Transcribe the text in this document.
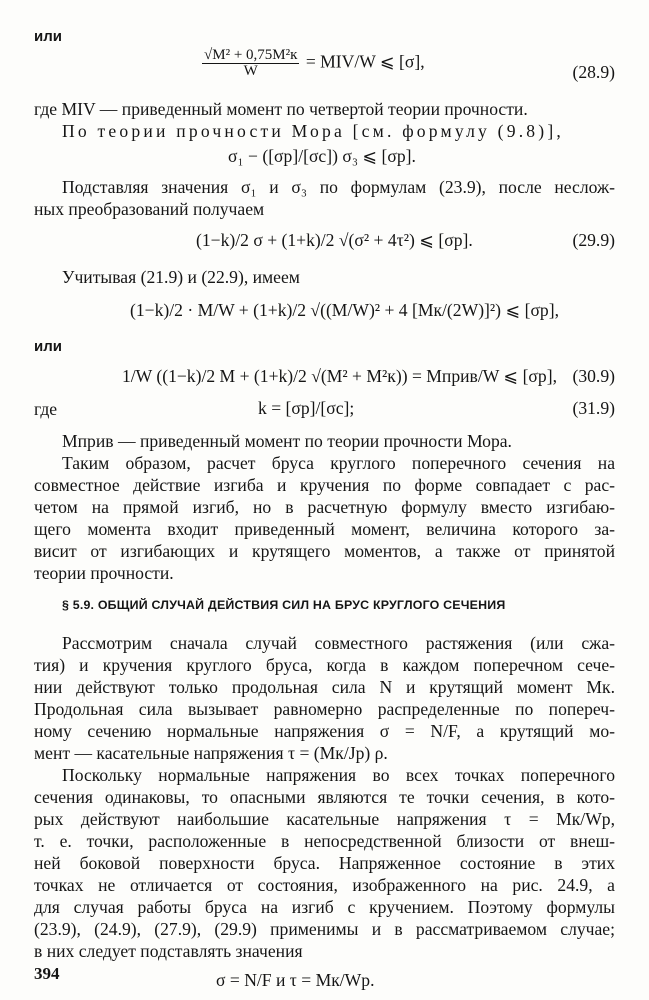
или
$\frac{\text{√M² + 0,75M²к}}{W} = MIV/W$ ⩽ [σ],
(28.9)
где MIV — приведенный момент по четвертой теории прочности.
По теории прочности Мора [см. формулу (9.8)],
σ₁ − ([σр]/[σс]) σ₃ ⩽ [σр].
Подставляя значения σ₁ и σ₃ по формулам (23.9), после неслож-
ных преобразований получаем
(1−k)/2 σ + (1+k)/2 √(σ² + 4τ²) ⩽ [σр].	(29.9)
Учитывая (21.9) и (22.9), имеем
(1−k)/2 · M/W + (1+k)/2 √((M/W)² + 4 [Mк/(2W)]²) ⩽ [σр],
или
1/W ((1−k)/2 M + (1+k)/2 √(M² + M²к)) = Mприв/W ⩽ [σр], (30.9)
где	k = [σр]/[σс];	(31.9)
Mприв — приведенный момент по теории прочности Мора.
Таким образом, расчет бруса круглого поперечного сечения на
совместное действие изгиба и кручения по форме совпадает с рас-
четом на прямой изгиб, но в расчетную формулу вместо изгибаю-
щего момента входит приведенный момент, величина которого за-
висит от изгибающих и крутящего моментов, а также от принятой
теории прочности.
§ 5.9. ОБЩИЙ СЛУЧАЙ ДЕЙСТВИЯ СИЛ НА БРУС КРУГЛОГО СЕЧЕНИЯ
Рассмотрим сначала случай совместного растяжения (или сжа-
тия) и кручения круглого бруса, когда в каждом поперечном сече-
нии действуют только продольная сила N и крутящий момент Mк.
Продольная сила вызывает равномерно распределенные по попереч-
ному сечению нормальные напряжения σ = N/F, а крутящий мо-
мент — касательные напряжения τ = (Mк/Jр) ρ.
Поскольку нормальные напряжения во всех точках поперечного
сечения одинаковы, то опасными являются те точки сечения, в кото-
рых действуют наибольшие касательные напряжения τ = Mк/Wр,
т. е. точки, расположенные в непосредственной близости от внеш-
ней боковой поверхности бруса. Напряженное состояние в этих
точках не отличается от состояния, изображенного на рис. 24.9, а
для случая работы бруса на изгиб с кручением. Поэтому формулы
(23.9), (24.9), (27.9), (29.9) применимы и в рассматриваемом случае;
в них следует подставлять значения
σ = N/F и τ = Mк/Wр.
394
